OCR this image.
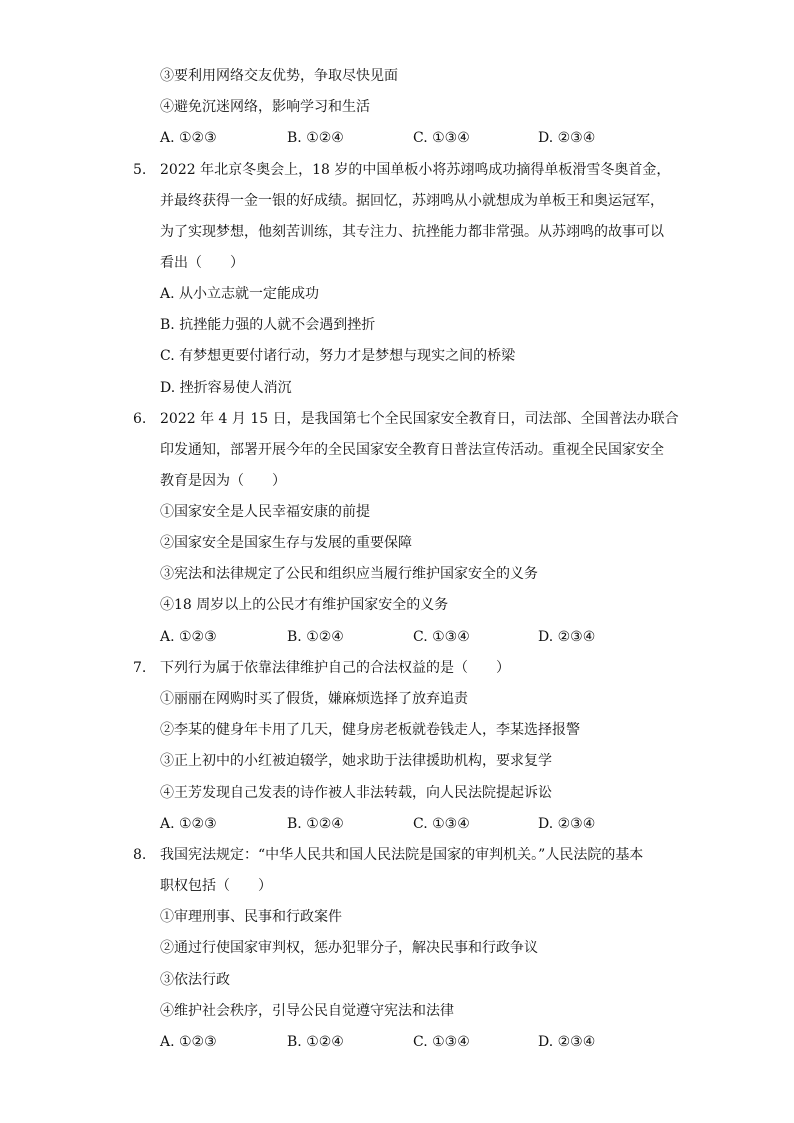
③要利用网络交友优势，争取尽快见面
④避免沉迷网络，影响学习和生活
A. ①②③	B. ①②④	C. ①③④	D. ②③④
5. 2022 年北京冬奥会上，18 岁的中国单板小将苏翊鸣成功摘得单板滑雪冬奥首金，
并最终获得一金一银的好成绩。据回忆，苏翊鸣从小就想成为单板王和奥运冠军，
为了实现梦想，他刻苦训练，其专注力、抗挫能力都非常强。从苏翊鸣的故事可以
看出（　　）
A. 从小立志就一定能成功
B. 抗挫能力强的人就不会遇到挫折
C. 有梦想更要付诸行动，努力才是梦想与现实之间的桥梁
D. 挫折容易使人消沉
6. 2022 年 4 月 15 日，是我国第七个全民国家安全教育日，司法部、全国普法办联合
印发通知，部署开展今年的全民国家安全教育日普法宣传活动。重视全民国家安全
教育是因为（　　）
①国家安全是人民幸福安康的前提
②国家安全是国家生存与发展的重要保障
③宪法和法律规定了公民和组织应当履行维护国家安全的义务
④18 周岁以上的公民才有维护国家安全的义务
A. ①②③	B. ①②④	C. ①③④	D. ②③④
7. 下列行为属于依靠法律维护自己的合法权益的是（　　）
①丽丽在网购时买了假货，嫌麻烦选择了放弃追责
②李某的健身年卡用了几天，健身房老板就卷钱走人，李某选择报警
③正上初中的小红被迫辍学，她求助于法律援助机构，要求复学
④王芳发现自己发表的诗作被人非法转载，向人民法院提起诉讼
A. ①②③	B. ①②④	C. ①③④	D. ②③④
8. 我国宪法规定：“中华人民共和国人民法院是国家的审判机关。”人民法院的基本
职权包括（　　）
①审理刑事、民事和行政案件
②通过行使国家审判权，惩办犯罪分子，解决民事和行政争议
③依法行政
④维护社会秩序，引导公民自觉遵守宪法和法律
A. ①②③	B. ①②④	C. ①③④	D. ②③④
